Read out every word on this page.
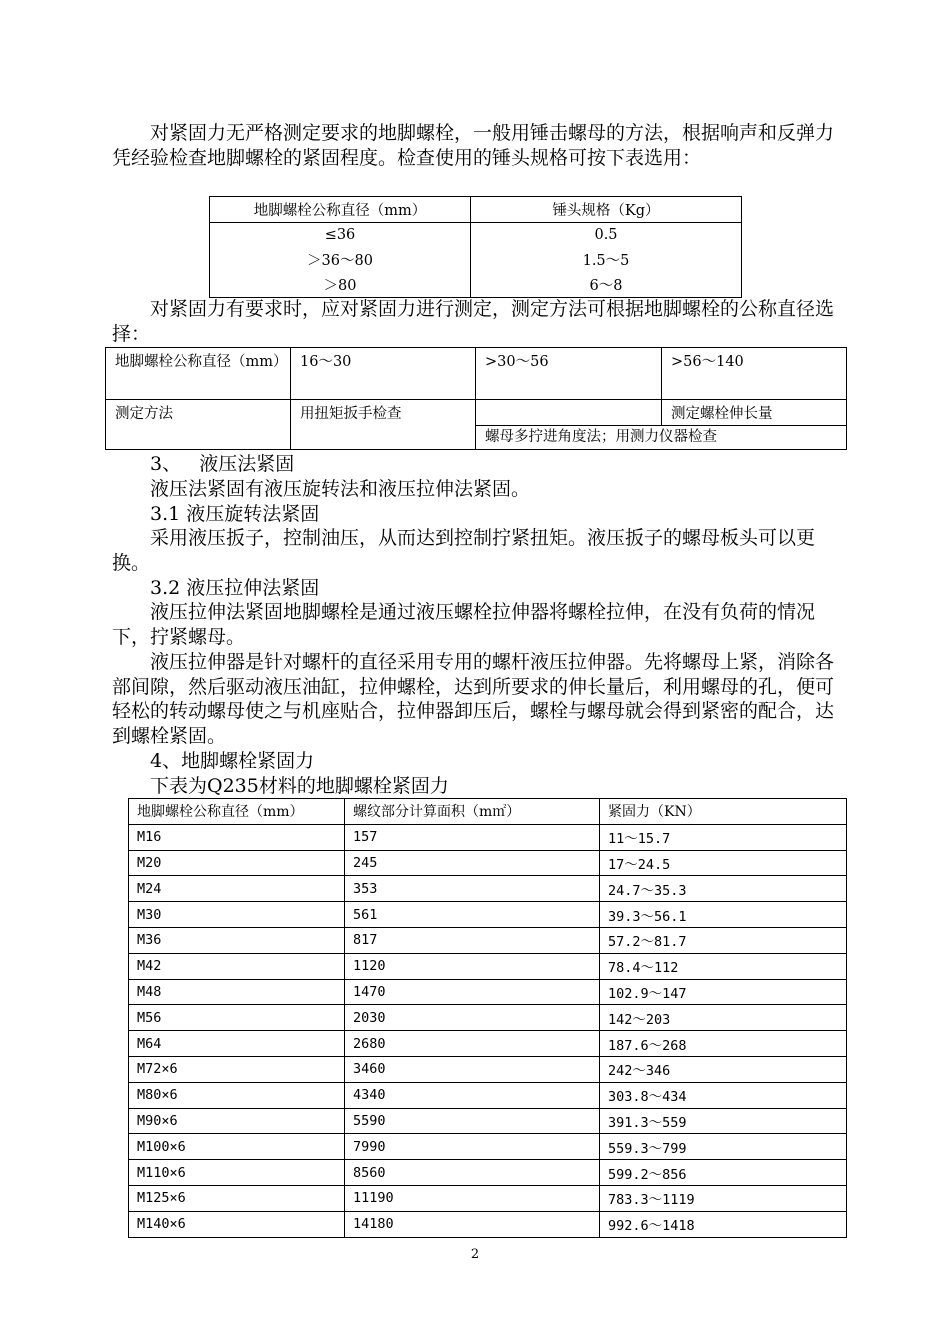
对紧固力无严格测定要求的地脚螺栓，一般用锤击螺母的方法，根据响声和反弹力凭经验检查地脚螺栓的紧固程度。检查使用的锤头规格可按下表选用：

地脚螺栓公称直径（mm）	锤头规格（Kg）
≤36	0.5
＞36～80	1.5～5
＞80	6～8

对紧固力有要求时，应对紧固力进行测定，测定方法可根据地脚螺栓的公称直径选择：

地脚螺栓公称直径（mm）	16～30	>30～56	>56～140
测定方法	用扭矩扳手检查		测定螺栓伸长量
		螺母多拧进角度法；用测力仪器检查	

3、   液压法紧固

液压法紧固有液压旋转法和液压拉伸法紧固。

3.1 液压旋转法紧固

采用液压扳子，控制油压，从而达到控制拧紧扭矩。液压扳子的螺母板头可以更换。

3.2 液压拉伸法紧固

液压拉伸法紧固地脚螺栓是通过液压螺栓拉伸器将螺栓拉伸，在没有负荷的情况下，拧紧螺母。

液压拉伸器是针对螺杆的直径采用专用的螺杆液压拉伸器。先将螺母上紧，消除各部间隙，然后驱动液压油缸，拉伸螺栓，达到所要求的伸长量后，利用螺母的孔，便可轻松的转动螺母使之与机座贴合，拉伸器卸压后，螺栓与螺母就会得到紧密的配合，达到螺栓紧固。

4、地脚螺栓紧固力

下表为Q235材料的地脚螺栓紧固力

地脚螺栓公称直径（mm）	螺纹部分计算面积（m㎡）	紧固力（KN）
M16	157	11～15.7
M20	245	17～24.5
M24	353	24.7～35.3
M30	561	39.3～56.1
M36	817	57.2～81.7
M42	1120	78.4～112
M48	1470	102.9～147
M56	2030	142～203
M64	2680	187.6～268
M72×6	3460	242～346
M80×6	4340	303.8～434
M90×6	5590	391.3～559
M100×6	7990	559.3～799
M110×6	8560	599.2～856
M125×6	11190	783.3～1119
M140×6	14180	992.6～1418
2
